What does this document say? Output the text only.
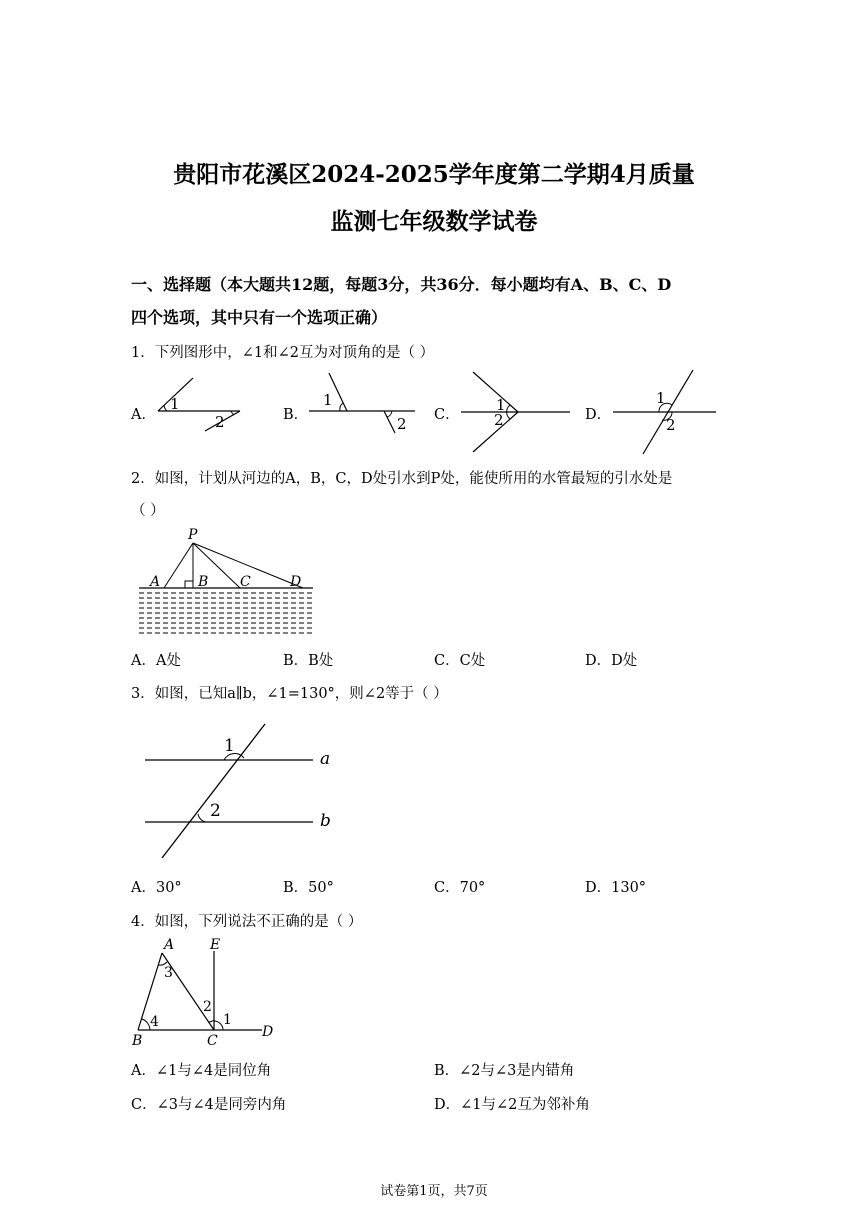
贵阳市花溪区2024-2025学年度第二学期4月质量
监测七年级数学试卷
一、选择题（本大题共12题，每题3分，共36分．每小题均有A、B、C、D
四个选项，其中只有一个选项正确）
1．下列图形中，∠1和∠2互为对顶角的是（ ）
A．	B．	C．	D．
1
2
1
2
1
2
1
2
2．如图，计划从河边的A，B，C，D处引水到P处，能使所用的水管最短的引水处是
（ ）
P
A	B C	D
A．A处	B．B处	C．C处	D．D处
3．如图，已知a∥b，∠1=130°，则∠2等于（ ）
1
2
a
b
A．30°	B．50°	C．70°	D．130°
4．如图，下列说法不正确的是（ ）
A	E
3
2
1
4
B	C
D
A．∠1与∠4是同位角	B．∠2与∠3是内错角
C．∠3与∠4是同旁内角	D．∠1与∠2互为邻补角
试卷第1页，共7页
